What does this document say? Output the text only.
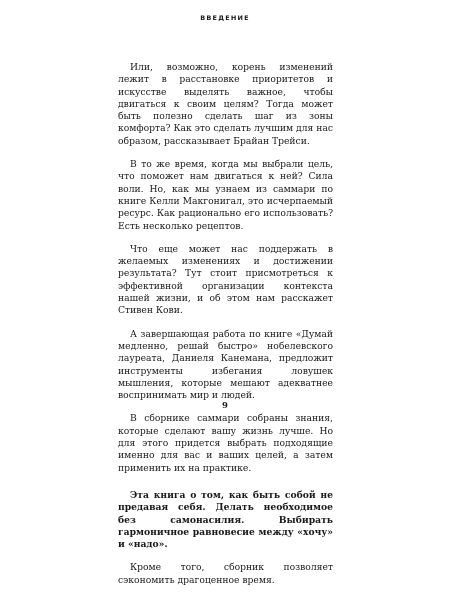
ВВЕДЕНИЕ

Или, возможно, корень изменений лежит в расстановке приоритетов и искусстве выделять важное, чтобы двигаться к своим целям? Тогда может быть полезно сделать шаг из зоны комфорта? Как это сделать лучшим для нас образом, рассказывает Брайан Трейси.

В то же время, когда мы выбрали цель, что поможет нам двигаться к ней? Сила воли. Но, как мы узнаем из саммари по книге Келли Макгонигал, это исчерпаемый ресурс. Как рационально его использовать? Есть несколько рецептов.

Что еще может нас поддержать в желаемых изменениях и достижении результата? Тут стоит присмотреться к эффективной организации контекста нашей жизни, и об этом нам расскажет Стивен Кови.

А завершающая работа по книге «Думай медленно, решай быстро» нобелевского лауреата, Даниеля Канемана, предложит инструменты избегания ловушек мышления, которые мешают адекватнее воспринимать мир и людей.

В сборнике саммари собраны знания, которые сделают вашу жизнь лучше. Но для этого придется выбрать подходящие именно для вас и ваших целей, а затем применить их на практике.

Эта книга о том, как быть собой не предавая себя. Делать необходимое без самонасилия. Выбирать гармоничное равновесие между «хочу» и «надо».

Кроме того, сборник позволяет сэкономить драгоценное время.

9
